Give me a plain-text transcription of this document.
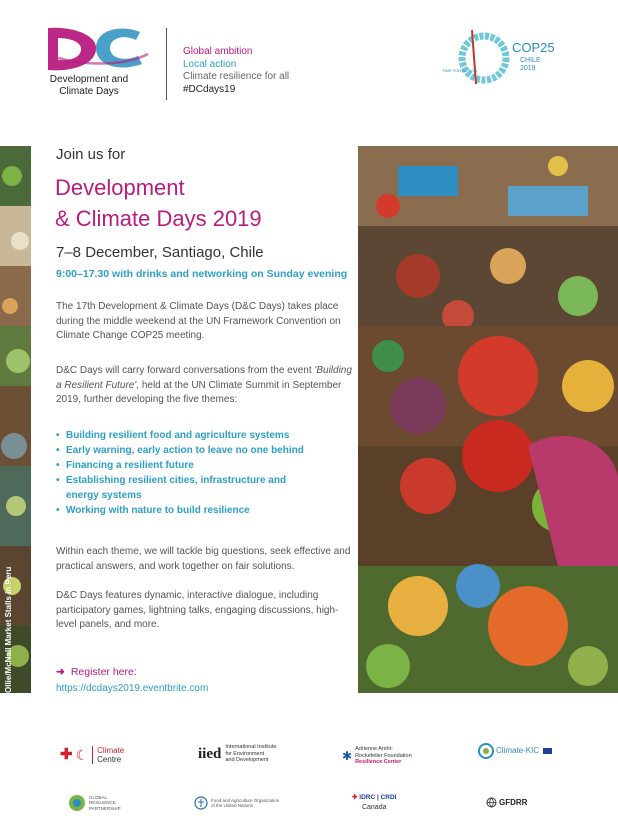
Development and
Climate Days
Global ambition
Local action
Climate resilience for all
#DCdays19
TIME FOR ACTION
COP25
CHILE
2019
Ollie/McNall Market Stalls in Peru
Join us for
Development
& Climate Days 2019
7–8 December, Santiago, Chile
9:00–17.30 with drinks and networking on Sunday evening
The 17th Development & Climate Days (D&C Days) takes place during the middle weekend at the UN Framework Convention on Climate Change COP25 meeting.
D&C Days will carry forward conversations from the event 'Building a Resilient Future', held at the UN Climate Summit in September 2019, further developing the five themes:
• Building resilient food and agriculture systems
• Early warning, early action to leave no one behind
• Financing a resilient future
• Establishing resilient cities, infrastructure and energy systems
• Working with nature to build resilience
Within each theme, we will tackle big questions, seek effective and practical answers, and work together on fair solutions.
D&C Days features dynamic, interactive dialogue, including participatory games, lightning talks, engaging discussions, high-level panels, and more.
➜ Register here:
https://dcdays2019.eventbrite.com
✚ ☾ Climate
Centre	iied International Institute
for Environment
and Development	✱ Adrienne Arsht-
Rockefeller Foundation
Resilience Center
Climate-KIC
GLOBAL
RESILIENCE
PARTNERSHIP
Food and Agriculture Organization
of the United Nations
✚ IDRC | CRDI
Canada
GFDRR
